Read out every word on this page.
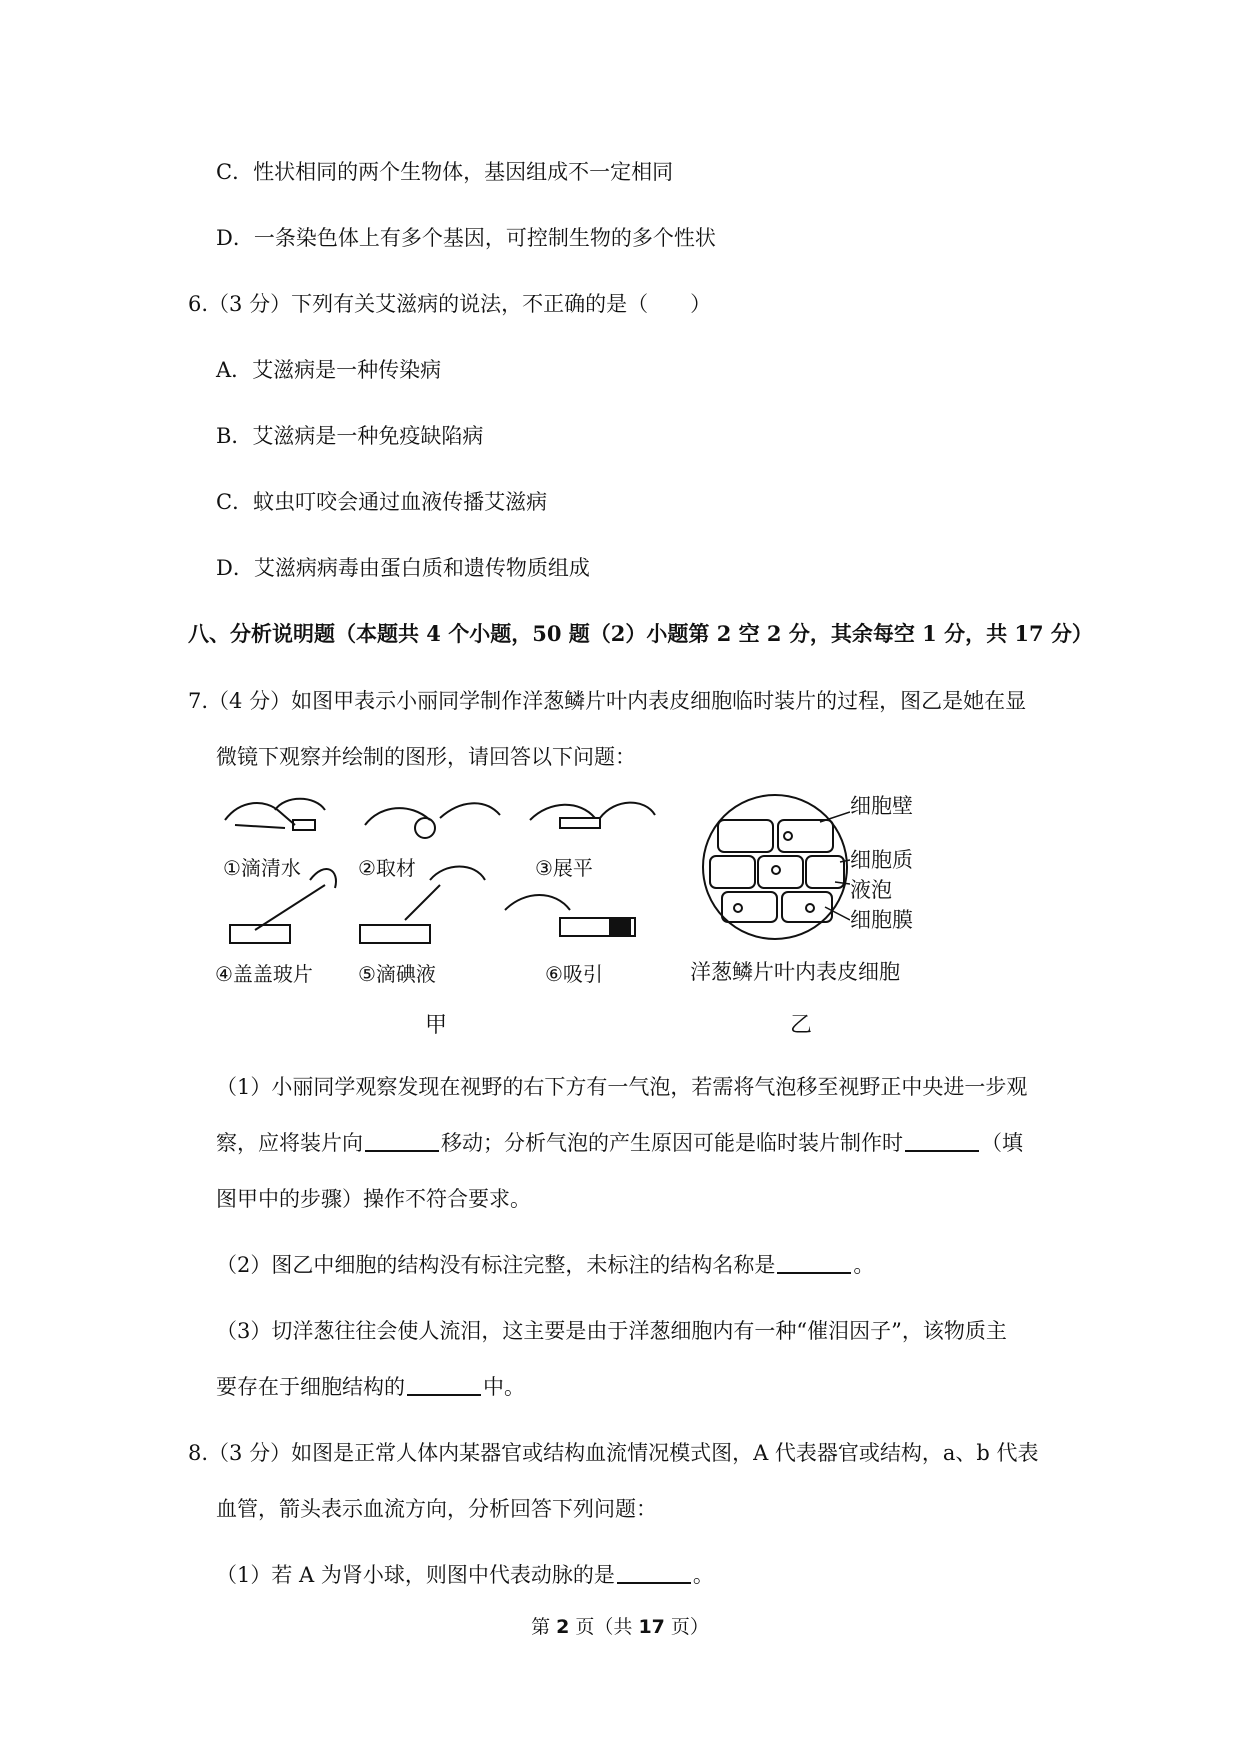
C．性状相同的两个生物体，基因组成不一定相同
D．一条染色体上有多个基因，可控制生物的多个性状
6.（3 分）下列有关艾滋病的说法，不正确的是（　　）
A．艾滋病是一种传染病
B．艾滋病是一种免疫缺陷病
C．蚊虫叮咬会通过血液传播艾滋病
D．艾滋病病毒由蛋白质和遗传物质组成
八、分析说明题（本题共 4 个小题，50 题（2）小题第 2 空 2 分，其余每空 1 分，共 17 分）
7.（4 分）如图甲表示小丽同学制作洋葱鳞片叶内表皮细胞临时装片的过程，图乙是她在显
微镜下观察并绘制的图形，请回答以下问题：
①滴清水	②取材	③展平
④盖盖玻片 ⑤滴碘液	⑥吸引
甲
细胞壁
细胞质
液泡
细胞膜
洋葱鳞片叶内表皮细胞
乙
（1）小丽同学观察发现在视野的右下方有一气泡，若需将气泡移至视野正中央进一步观
察，应将装片向	移动；分析气泡的产生原因可能是临时装片制作时	（填
图甲中的步骤）操作不符合要求。
（2）图乙中细胞的结构没有标注完整，未标注的结构名称是	。
（3）切洋葱往往会使人流泪，这主要是由于洋葱细胞内有一种“催泪因子”，该物质主
要存在于细胞结构的	中。
8.（3 分）如图是正常人体内某器官或结构血流情况模式图，A 代表器官或结构，a、b 代表
血管，箭头表示血流方向，分析回答下列问题：
（1）若 A 为肾小球，则图中代表动脉的是	。
第 2 页（共 17 页）
